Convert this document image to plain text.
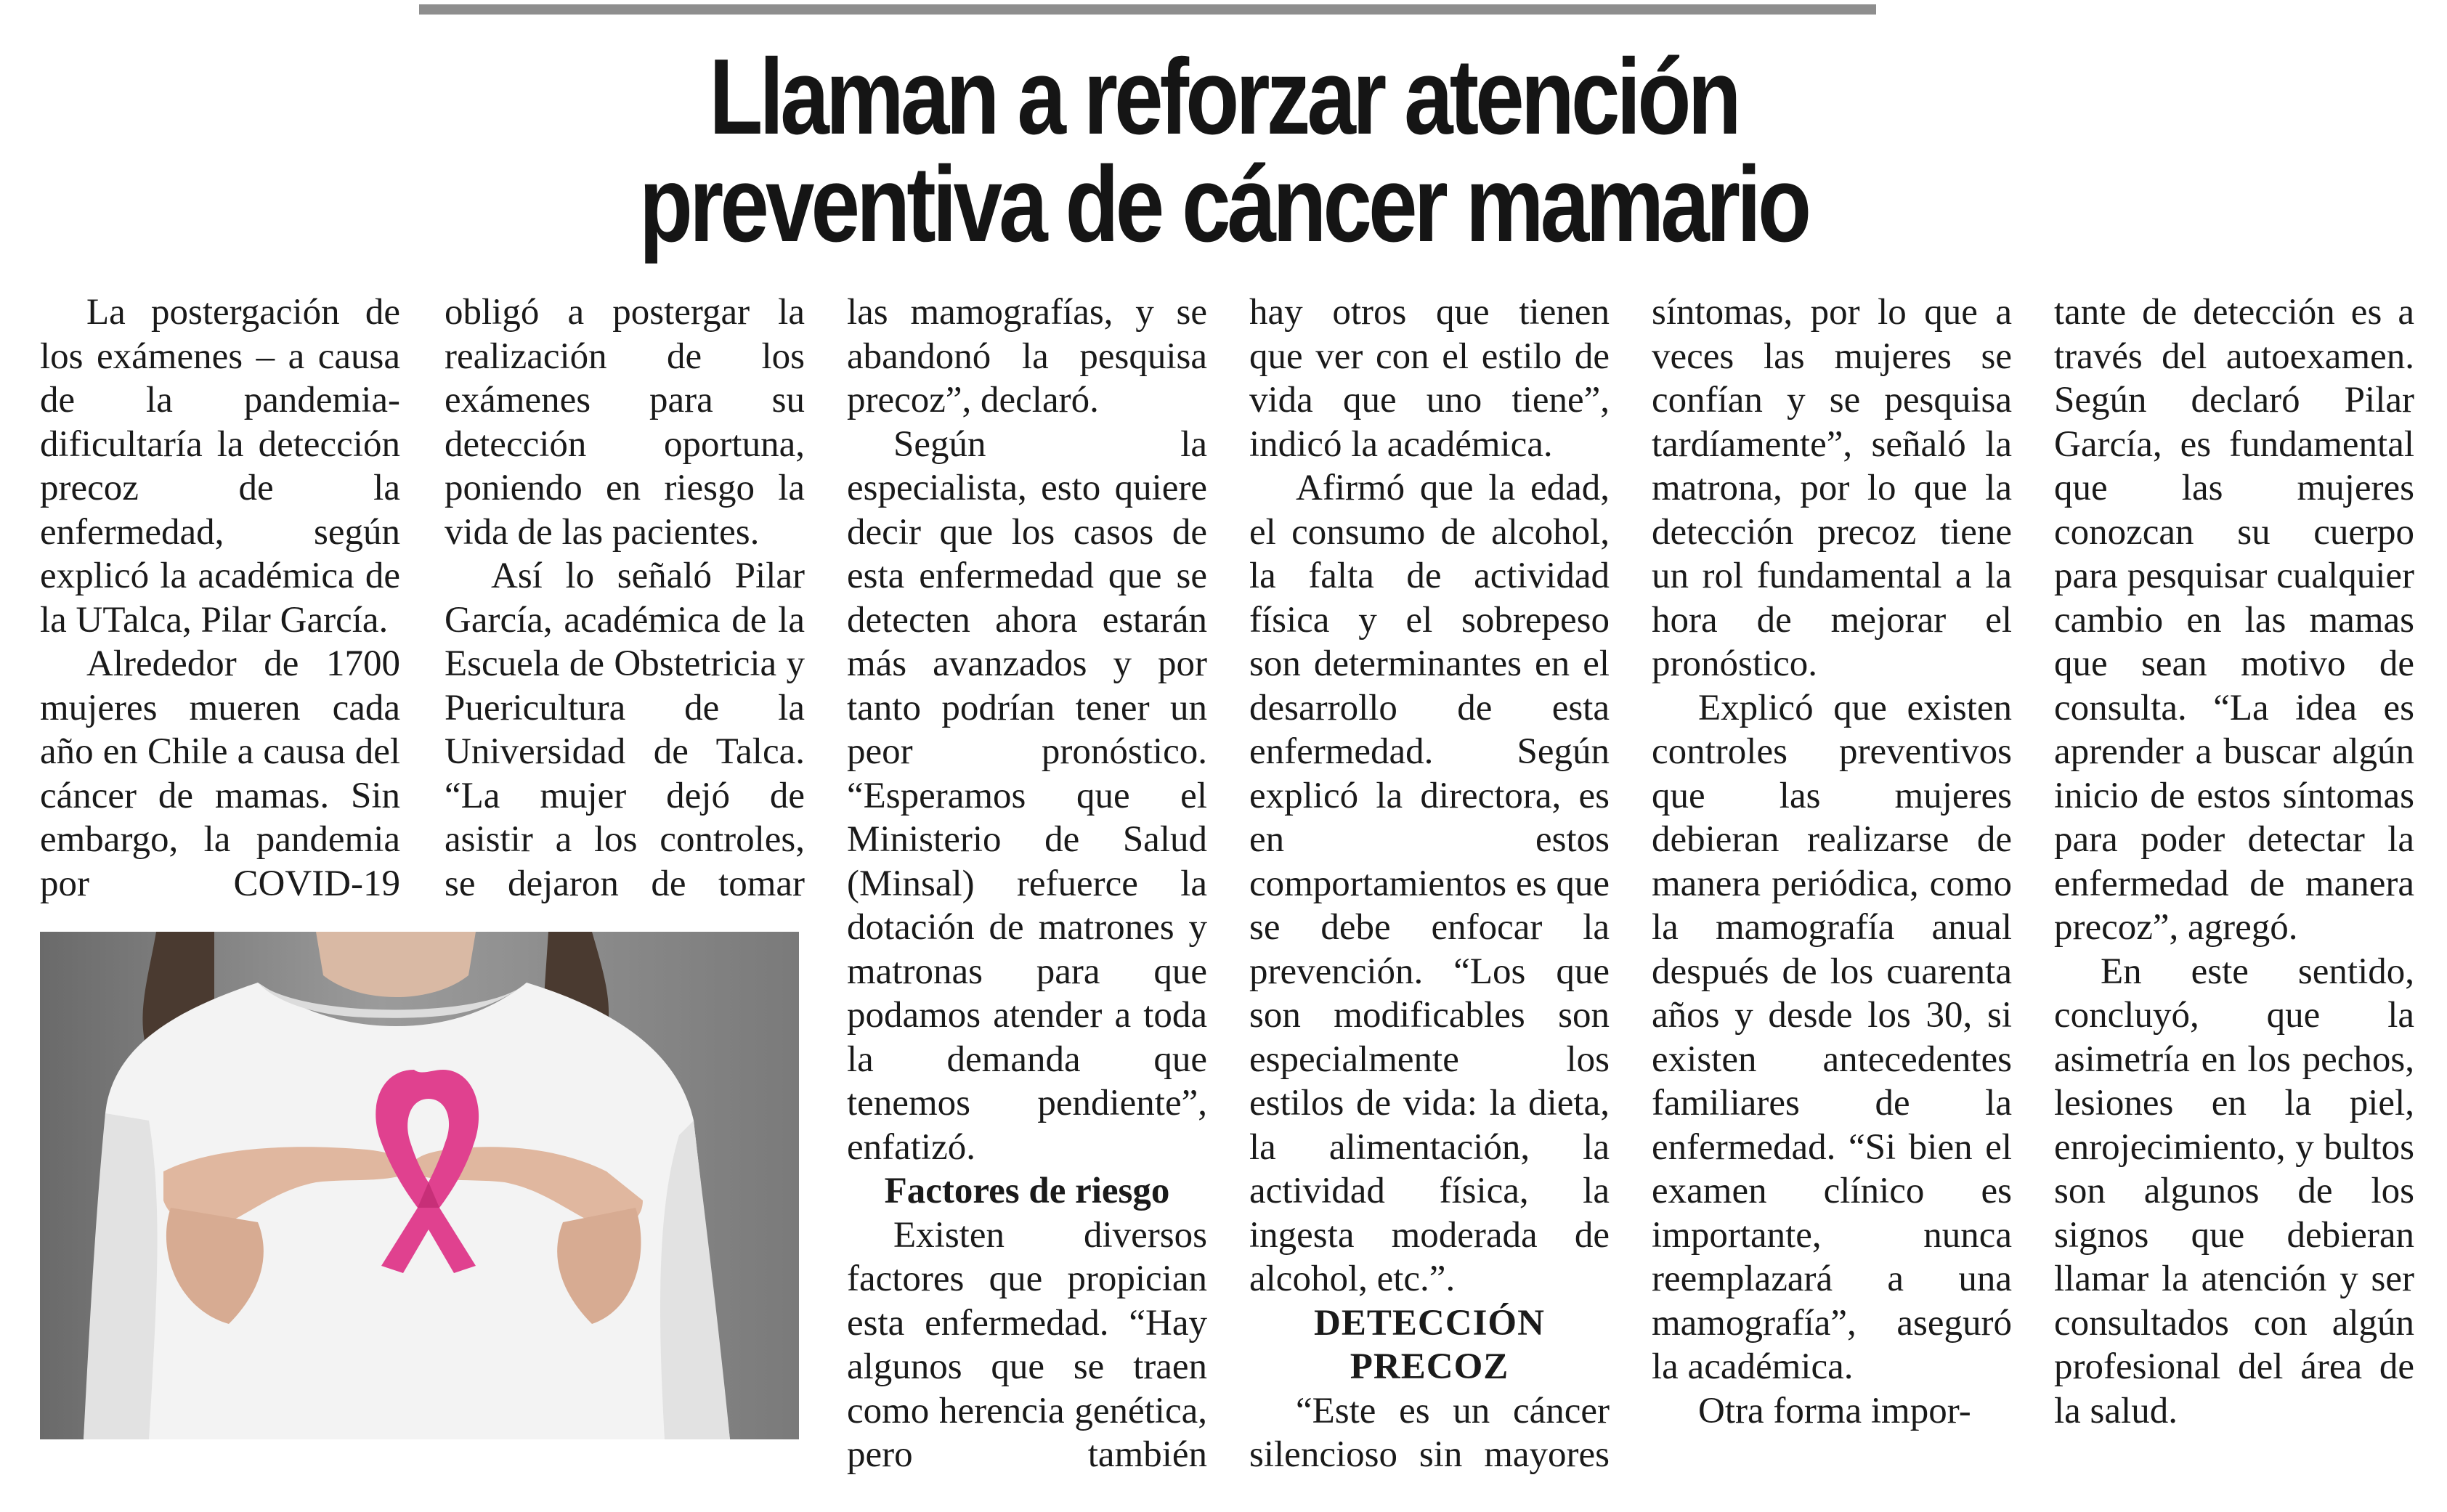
Llaman a reforzar atención
preventiva de cáncer mamario

La postergación de los exámenes – a causa de la pandemia- dificultaría la detección precoz de la enfermedad, según explicó la académica de la UTalca, Pilar García.

Alrededor de 1700 mujeres mueren cada año en Chile a causa del cáncer de mamas. Sin embargo, la pandemia por COVID-19

obligó a postergar la realización de los exámenes para su detección oportuna, poniendo en riesgo la vida de las pacientes.

Así lo señaló Pilar García, académica de la Escuela de Obstetricia y Puericultura de la Universidad de Talca. “La mujer dejó de asistir a los controles, se dejaron de tomar

las mamografías, y se abandonó la pesquisa precoz”, declaró.

Según la especialista, esto quiere decir que los casos de esta enfermedad que se detecten ahora estarán más avanzados y por tanto podrían tener un peor pronóstico. “Esperamos que el Ministerio de Salud (Minsal) refuerce la dotación de matrones y matronas para que podamos atender a toda la demanda que tenemos pendiente”, enfatizó.

Factores de riesgo

Existen diversos factores que propician esta enfermedad. “Hay algunos que se traen como herencia genética, pero también

hay otros que tienen que ver con el estilo de vida que uno tiene”, indicó la académica.

Afirmó que la edad, el consumo de alcohol, la falta de actividad física y el sobrepeso son determinantes en el desarrollo de esta enfermedad. Según explicó la directora, es en estos comportamientos es que se debe enfocar la prevención. “Los que son modificables son especialmente los estilos de vida: la dieta, la alimentación, la actividad física, la ingesta moderada de alcohol, etc.”.

DETECCIÓN
PRECOZ

“Este es un cáncer silencioso sin mayores

síntomas, por lo que a veces las mujeres se confían y se pesquisa tardíamente”, señaló la matrona, por lo que la detección precoz tiene un rol fundamental a la hora de mejorar el pronóstico.

Explicó que existen controles preventivos que las mujeres debieran realizarse de manera periódica, como la mamografía anual después de los cuarenta años y desde los 30, si existen antecedentes familiares de la enfermedad. “Si bien el examen clínico es importante, nunca reemplazará a una mamografía”, aseguró la académica.

Otra forma impor-

tante de detección es a través del autoexamen. Según declaró Pilar García, es fundamental que las mujeres conozcan su cuerpo para pesquisar cualquier cambio en las mamas que sean motivo de consulta. “La idea es aprender a buscar algún inicio de estos síntomas para poder detectar la enfermedad de manera precoz”, agregó.

En este sentido, concluyó, que la asimetría en los pechos, lesiones en la piel, enrojecimiento, y bultos son algunos de los signos que debieran llamar la atención y ser consultados con algún profesional del área de la salud.
